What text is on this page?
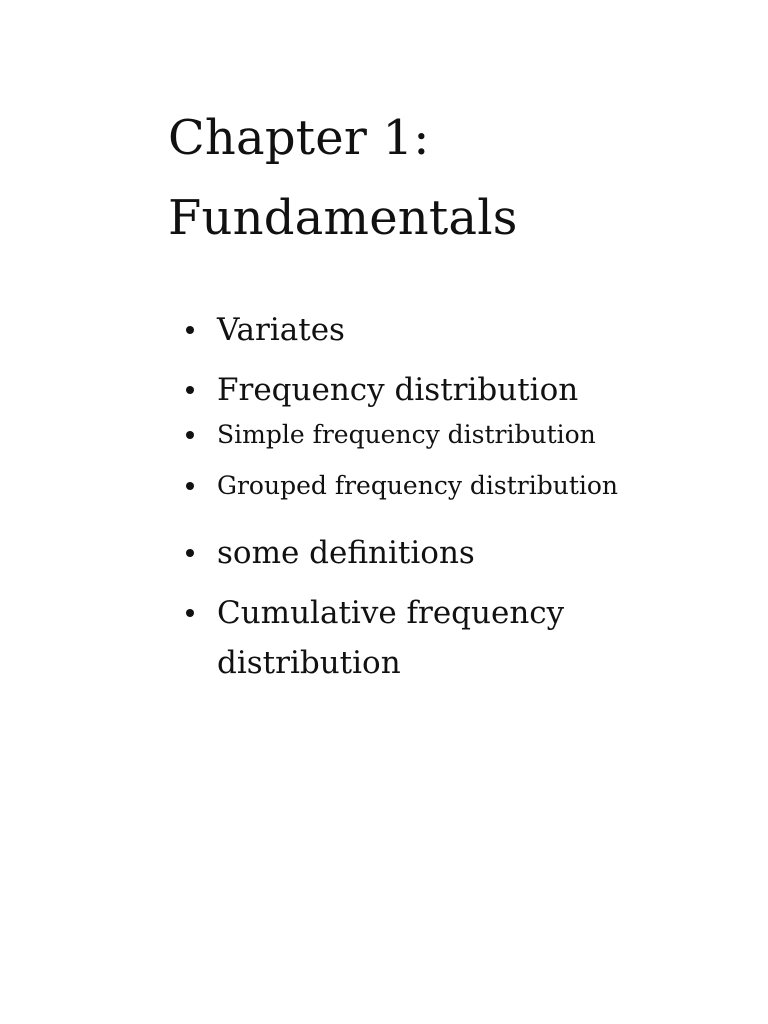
Chapter 1:
Fundamentals
Variates
Frequency distribution
Simple frequency distribution
Grouped frequency distribution
some definitions
Cumulative frequency distribution
